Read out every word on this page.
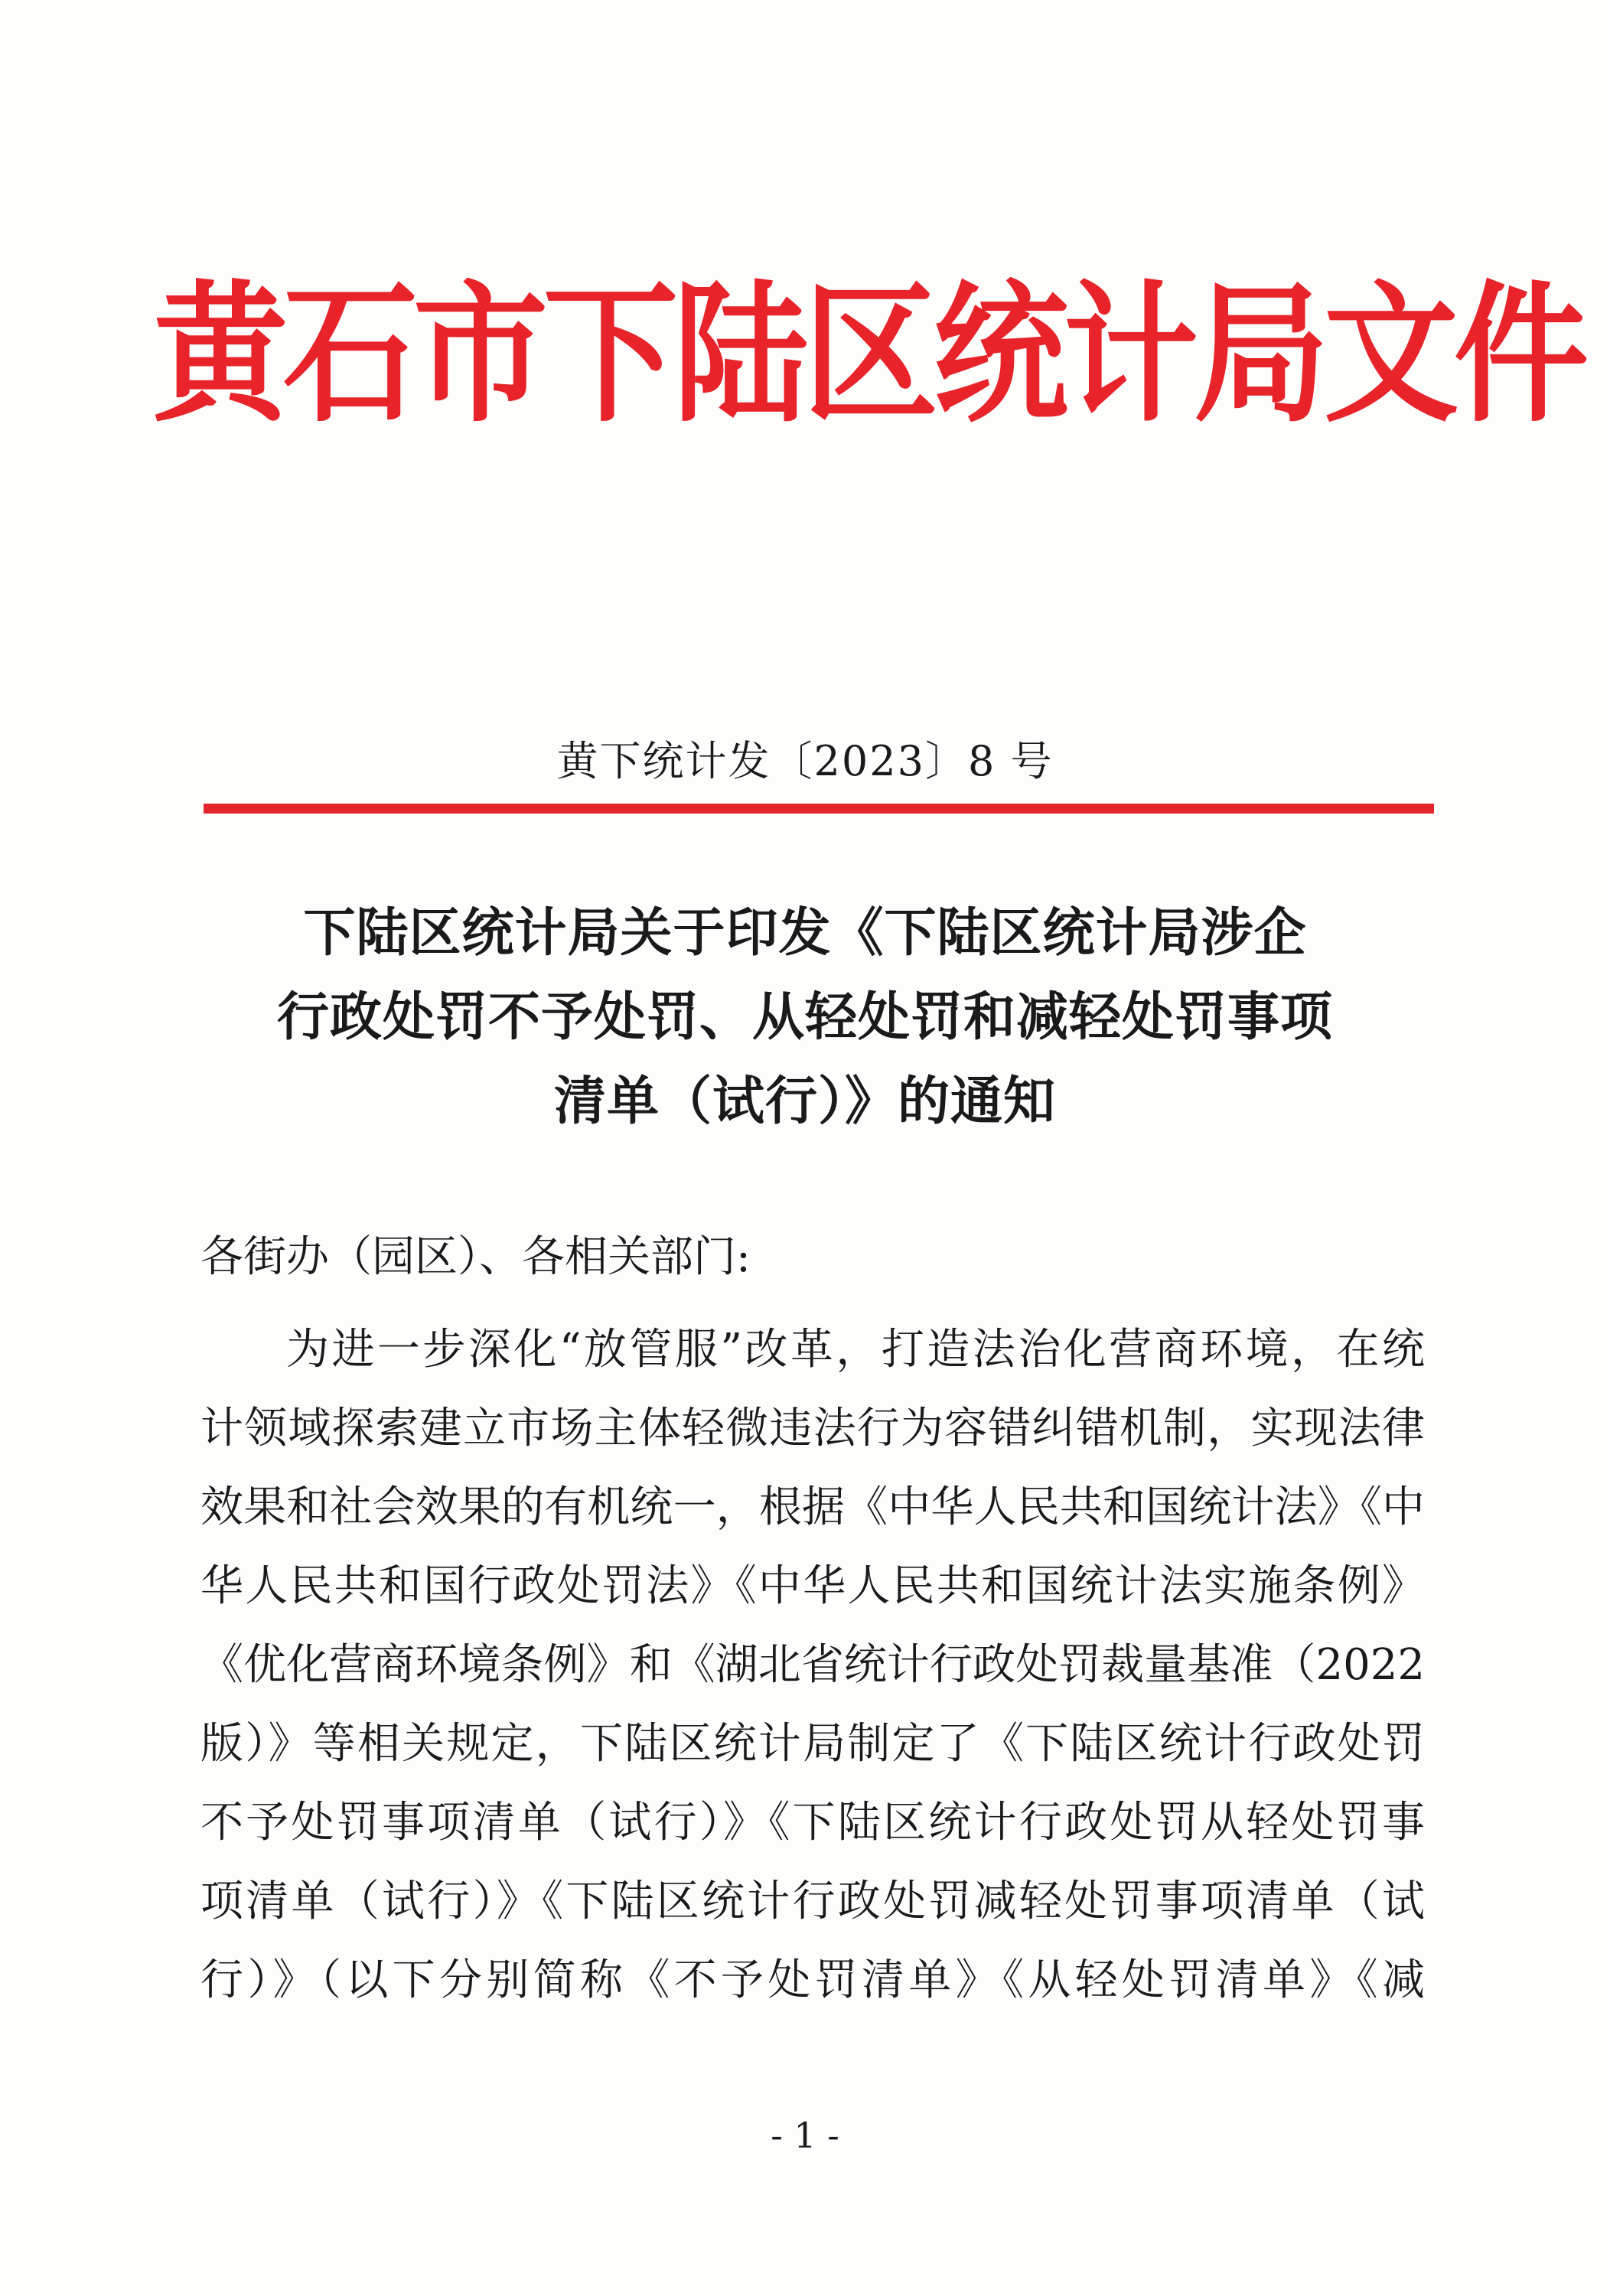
黄石市下陆区统计局文件
黄下统计发〔2023〕8 号
下陆区统计局关于印发《下陆区统计局涉企
行政处罚不予处罚、从轻处罚和减轻处罚事项
清单（试行）》的通知
各街办（园区）、各相关部门:
为进一步深化“放管服”改革，打造法治化营商环境，在统
计领域探索建立市场主体轻微违法行为容错纠错机制，实现法律
效果和社会效果的有机统一，根据《中华人民共和国统计法》《中
华人民共和国行政处罚法》《中华人民共和国统计法实施条例》
《优化营商环境条例》和《湖北省统计行政处罚裁量基准（2022
版）》等相关规定，下陆区统计局制定了《下陆区统计行政处罚
不予处罚事项清单（试行）》《下陆区统计行政处罚从轻处罚事
项清单（试行）》《下陆区统计行政处罚减轻处罚事项清单（试
行）》（以下分别简称《不予处罚清单》《从轻处罚清单》《减
- 1 -
